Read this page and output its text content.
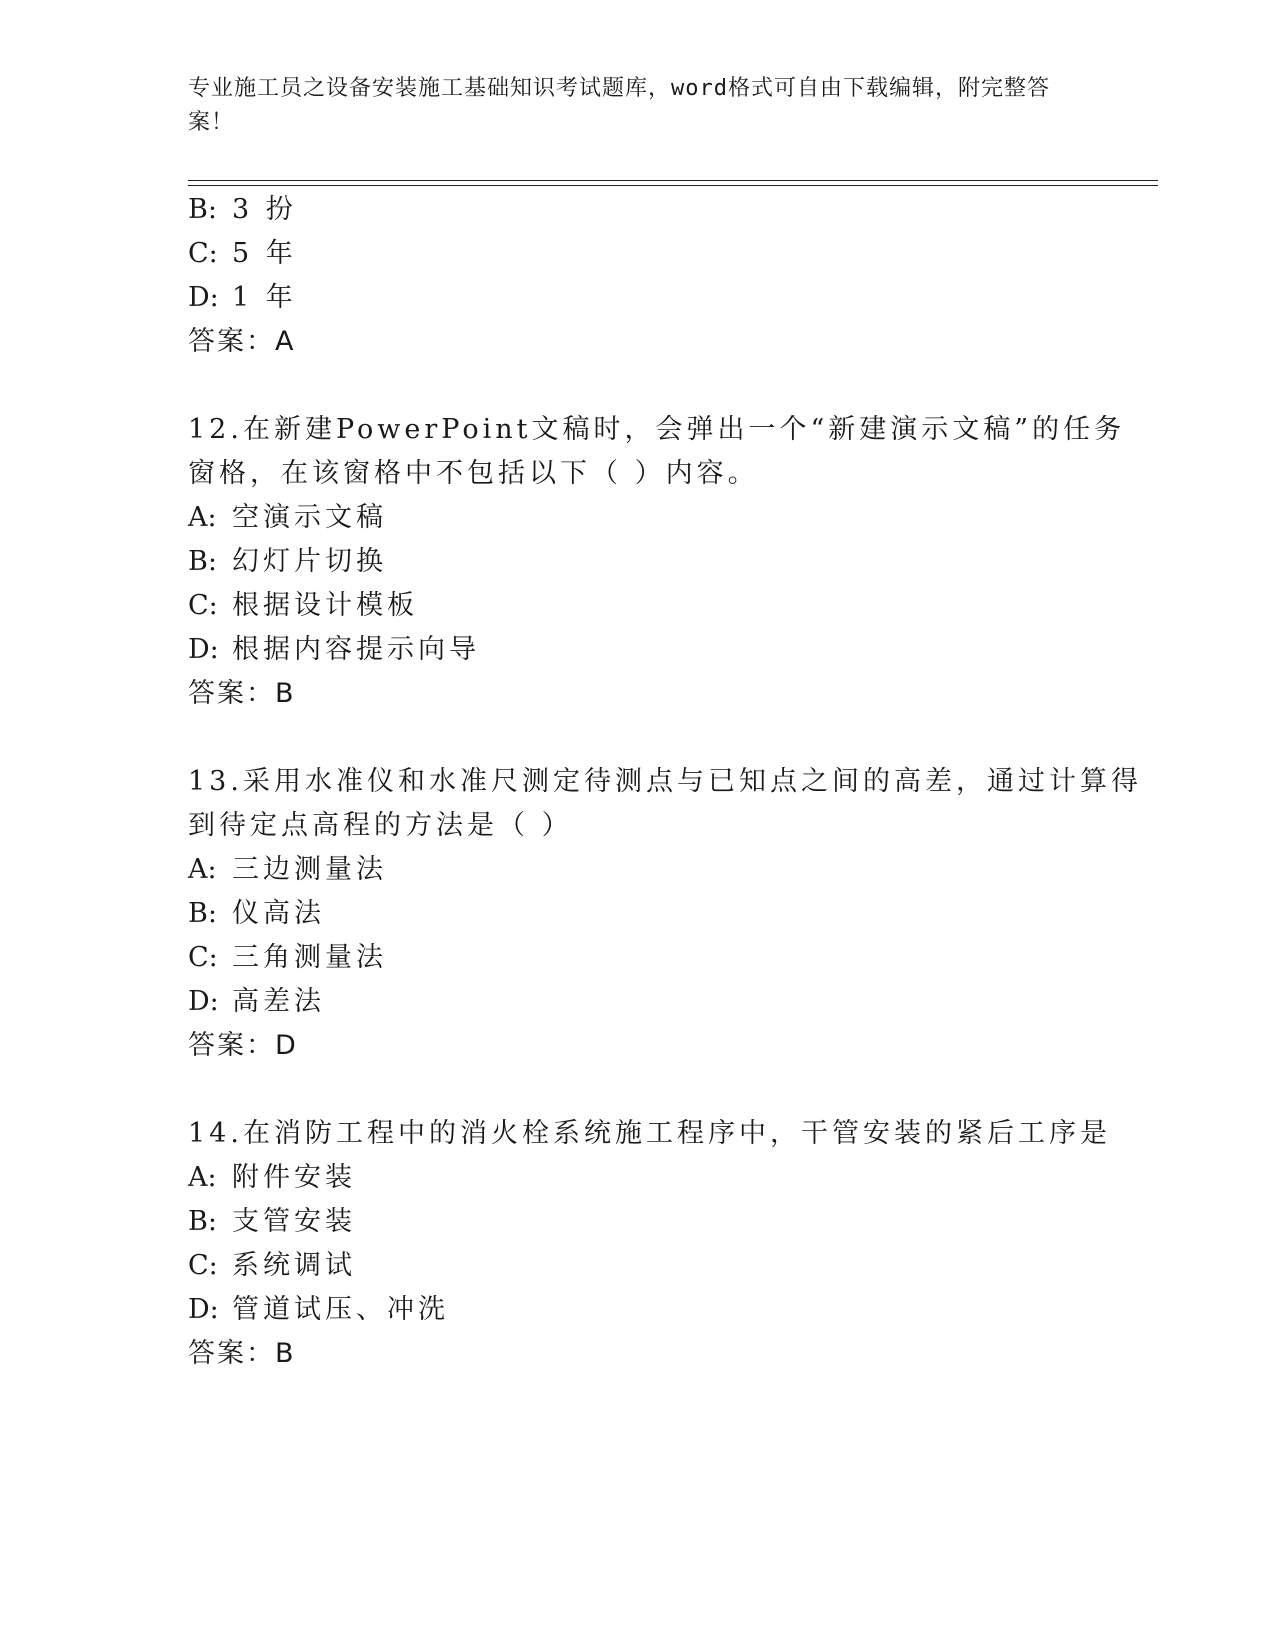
专业施工员之设备安装施工基础知识考试题库，word格式可自由下载编辑，附完整答案！
B: 3 扮
C: 5 年
D: 1 年
答案：A
12.在新建PowerPoint文稿时，会弹出一个“新建演示文稿”的任务
窗格，在该窗格中不包括以下（ ）内容。
A: 空演示文稿
B: 幻灯片切换
C: 根据设计模板
D: 根据内容提示向导
答案：B
13.采用水准仪和水准尺测定待测点与已知点之间的高差，通过计算得
到待定点高程的方法是（ ）
A: 三边测量法
B: 仪高法
C: 三角测量法
D: 高差法
答案：D
14.在消防工程中的消火栓系统施工程序中，干管安装的紧后工序是
A: 附件安装
B: 支管安装
C: 系统调试
D: 管道试压、冲洗
答案：B
